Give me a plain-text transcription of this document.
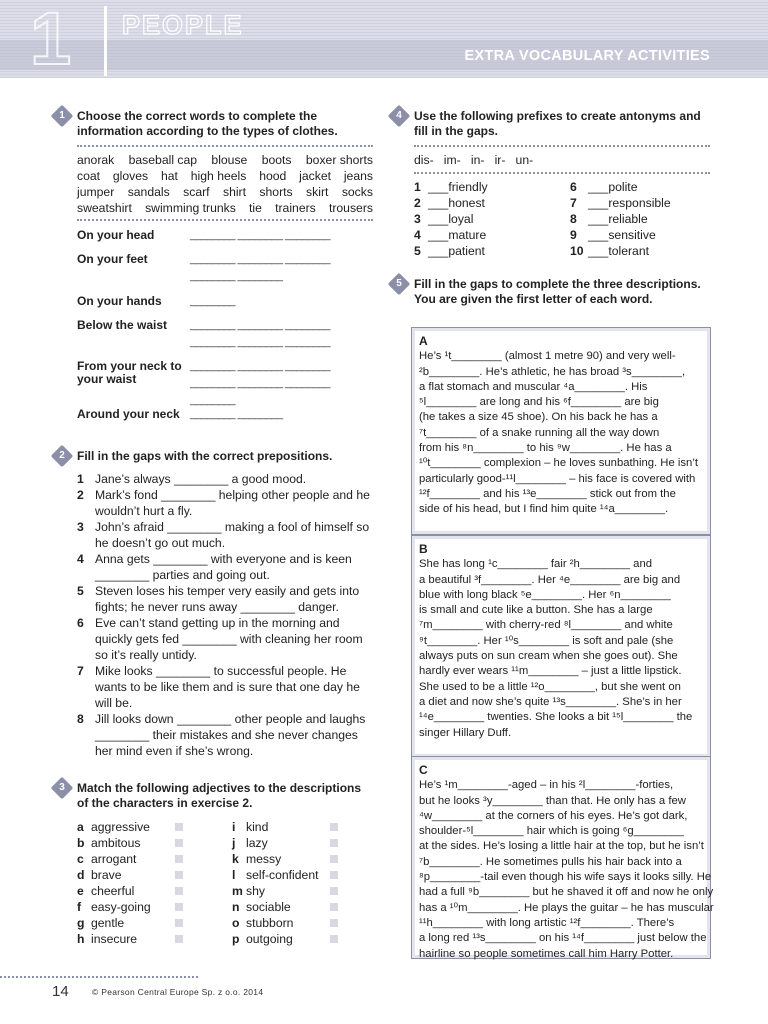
1 PEOPLE
EXTRA VOCABULARY ACTIVITIES
1	Choose the correct words to complete the information according to the types of clothes.
anorak baseball cap blouse boots boxer shorts
coat gloves hat high heels hood jacket jeans
jumper sandals scarf shirt shorts skirt socks
sweatshirt swimming trunks tie trainers trousers
On your head	________ ________ ________
On your feet	________ ________ ________
________ ________
On your hands	________
Below the waist	________ ________ ________
________ ________ ________
From your neck to your waist
________ ________ ________
________ ________ ________
________
Around your neck ________ ________
2	Fill in the gaps with the correct prepositions.
1 Jane’s always ________ a good mood.
2 Mark’s fond ________ helping other people and he wouldn’t hurt a fly.
3 John’s afraid ________ making a fool of himself so he doesn’t go out much.
4 Anna gets ________ with everyone and is keen ________ parties and going out.
5 Steven loses his temper very easily and gets into fights; he never runs away ________ danger.
6 Eve can’t stand getting up in the morning and quickly gets fed ________ with cleaning her room so it’s really untidy.
7 Mike looks ________ to successful people. He wants to be like them and is sure that one day he will be.
8 Jill looks down ________ other people and laughs ________ their mistakes and she never changes her mind even if she’s wrong.
3	Match the following adjectives to the descriptions of the characters in exercise 2.
a aggressive
b ambitous
c arrogant
d brave
e cheerful
f easy-going
g gentle
h insecure
i kind
j lazy
k messy
l self-confident
m shy
n sociable
o stubborn
p outgoing
4	Use the following prefixes to create antonyms and fill in the gaps.
dis-   im-   in-   ir-   un-
1 ___friendly
2 ___honest
3 ___loyal
4 ___mature
5 ___patient
6 ___polite
7 ___responsible
8 ___reliable
9 ___sensitive
10 ___tolerant
5	Fill in the gaps to complete the three descriptions. You are given the first letter of each word.
A
He’s ¹t________ (almost 1 metre 90) and very well-
²b________. He’s athletic, he has broad ³s________,
a flat stomach and muscular ⁴a________. His
⁵l________ are long and his ⁶f________ are big
(he takes a size 45 shoe). On his back he has a
⁷t________ of a snake running all the way down
from his ⁸n________ to his ⁹w________. He has a
¹⁰t________ complexion – he loves sunbathing. He isn’t
particularly good-¹¹l________ – his face is covered with
¹²f________ and his ¹³e________ stick out from the
side of his head, but I find him quite ¹⁴a________.
B
She has long ¹c________ fair ²h________ and
a beautiful ³f________. Her ⁴e________ are big and
blue with long black ⁵e________. Her ⁶n________
is small and cute like a button. She has a large
⁷m________ with cherry-red ⁸l________ and white
⁹t________. Her ¹⁰s________ is soft and pale (she
always puts on sun cream when she goes out). She
hardly ever wears ¹¹m________ – just a little lipstick.
She used to be a little ¹²o________, but she went on
a diet and now she’s quite ¹³s________. She’s in her
¹⁴e________ twenties. She looks a bit ¹⁵l________ the
singer Hillary Duff.
C
He’s ¹m________-aged – in his ²l________-forties,
but he looks ³y________ than that. He only has a few
⁴w________ at the corners of his eyes. He’s got dark,
shoulder-⁵l________ hair which is going ⁶g________
at the sides. He’s losing a little hair at the top, but he isn’t
⁷b________. He sometimes pulls his hair back into a
⁸p________-tail even though his wife says it looks silly. He
had a full ⁹b________ but he shaved it off and now he only
has a ¹⁰m________. He plays the guitar – he has muscular
¹¹h________ with long artistic ¹²f________. There’s
a long red ¹³s________ on his ¹⁴f________ just below the
hairline so people sometimes call him Harry Potter.
14	© Pearson Central Europe Sp. z o.o. 2014
